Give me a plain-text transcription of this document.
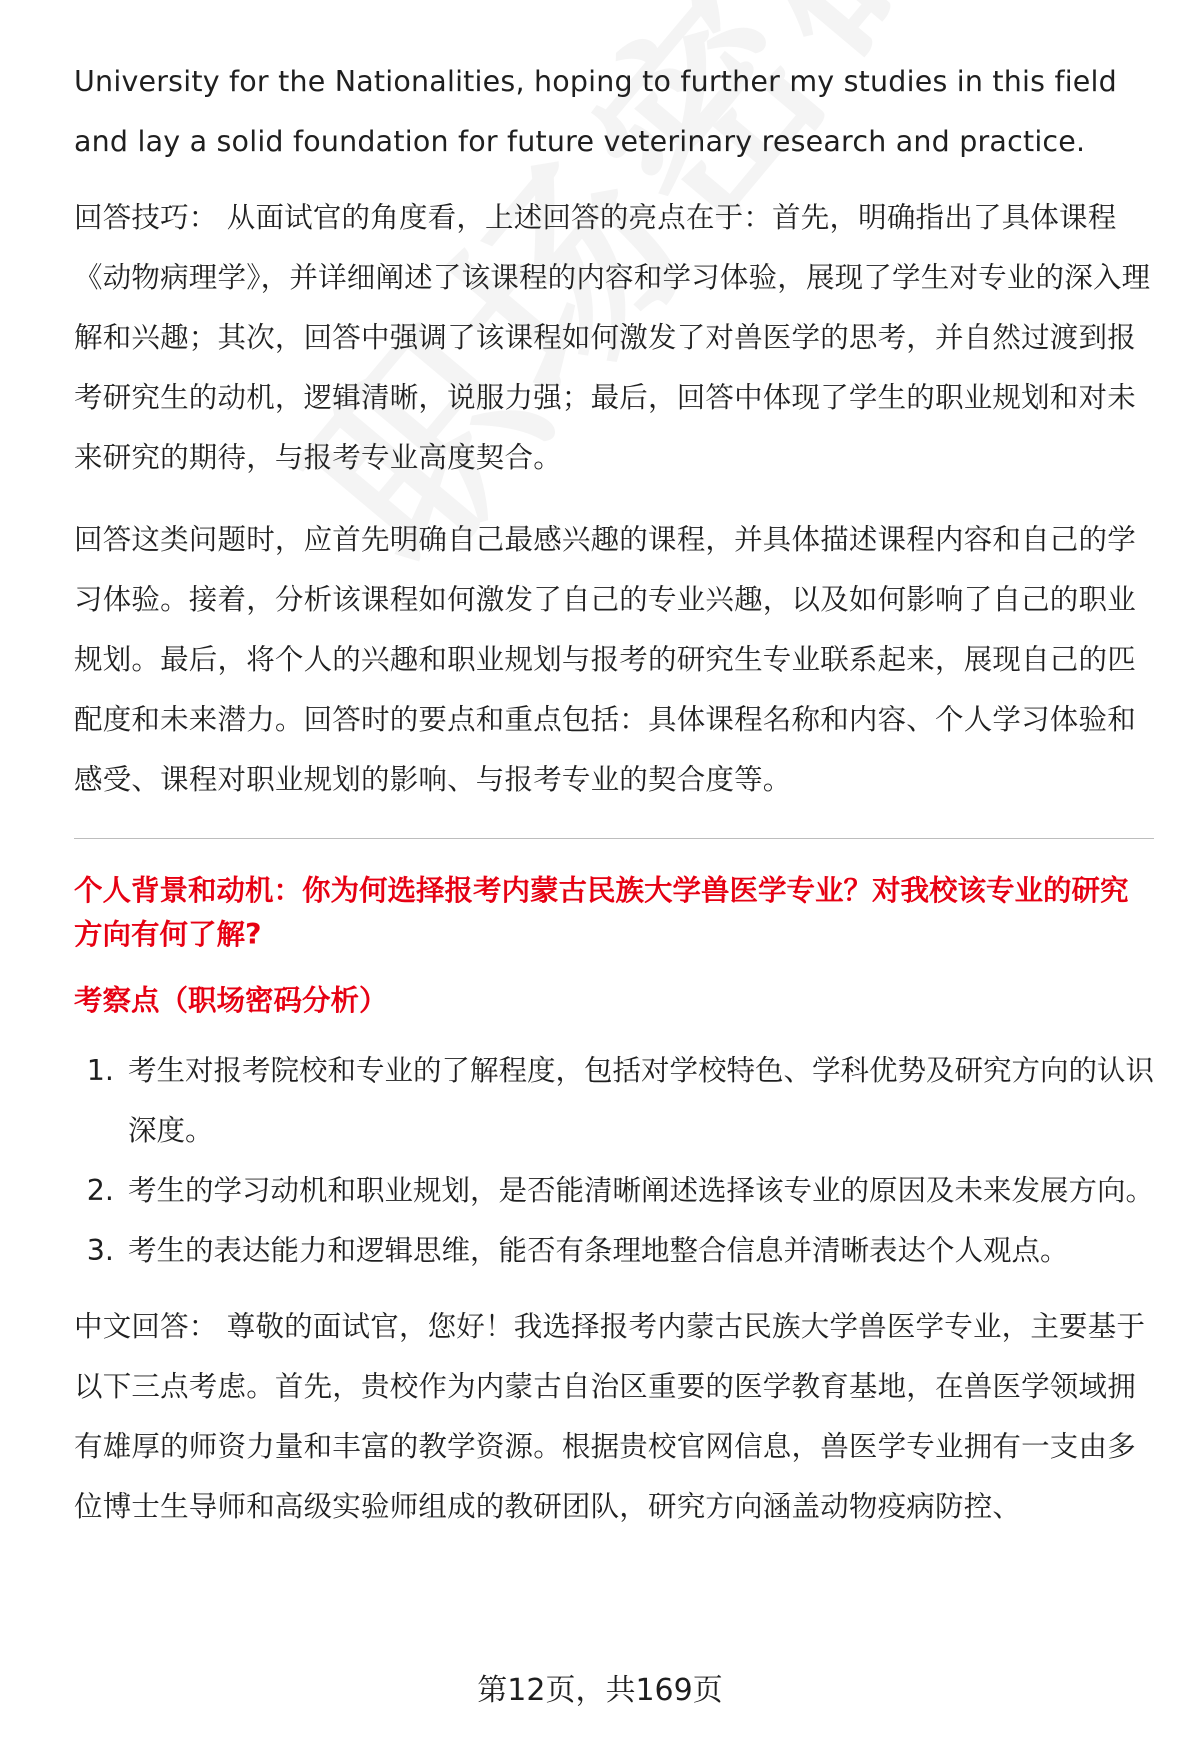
University for the Nationalities, hoping to further my studies in this field and lay a solid foundation for future veterinary research and practice.

回答技巧： 从面试官的角度看，上述回答的亮点在于：首先，明确指出了具体课程《动物病理学》，并详细阐述了该课程的内容和学习体验，展现了学生对专业的深入理解和兴趣；其次，回答中强调了该课程如何激发了对兽医学的思考，并自然过渡到报考研究生的动机，逻辑清晰，说服力强；最后，回答中体现了学生的职业规划和对未来研究的期待，与报考专业高度契合。

回答这类问题时，应首先明确自己最感兴趣的课程，并具体描述课程内容和自己的学习体验。接着，分析该课程如何激发了自己的专业兴趣，以及如何影响了自己的职业规划。最后，将个人的兴趣和职业规划与报考的研究生专业联系起来，展现自己的匹配度和未来潜力。回答时的要点和重点包括：具体课程名称和内容、个人学习体验和感受、课程对职业规划的影响、与报考专业的契合度等。

个人背景和动机：你为何选择报考内蒙古民族大学兽医学专业？对我校该专业的研究方向有何了解?

考察点（职场密码分析）

1. 考生对报考院校和专业的了解程度，包括对学校特色、学科优势及研究方向的认识深度。
2. 考生的学习动机和职业规划，是否能清晰阐述选择该专业的原因及未来发展方向。
3. 考生的表达能力和逻辑思维，能否有条理地整合信息并清晰表达个人观点。

中文回答： 尊敬的面试官，您好！我选择报考内蒙古民族大学兽医学专业，主要基于以下三点考虑。首先，贵校作为内蒙古自治区重要的医学教育基地，在兽医学领域拥有雄厚的师资力量和丰富的教学资源。根据贵校官网信息，兽医学专业拥有一支由多位博士生导师和高级实验师组成的教研团队，研究方向涵盖动物疫病防控、

第12页，共169页
